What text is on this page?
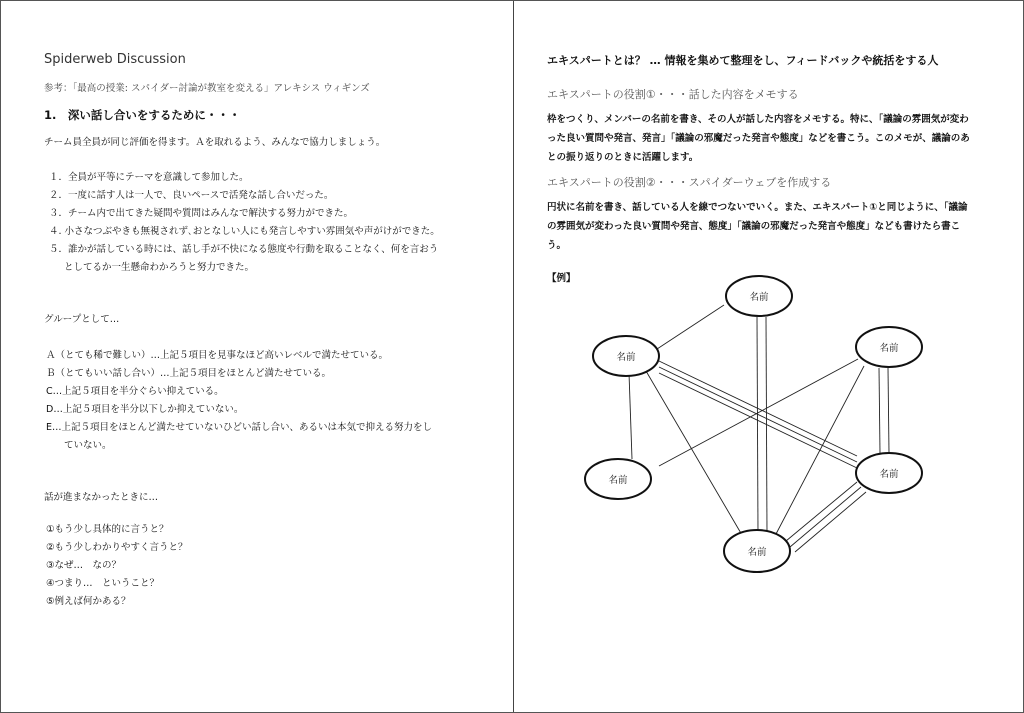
Spiderweb Discussion
参考：「最高の授業: スパイダー討論が教室を変える」アレキシス ウィギンズ
1.　深い話し合いをするために・・・
チーム員全員が同じ評価を得ます。Ａを取れるよう、みんなで協力しましょう。
１．全員が平等にテーマを意識して参加した。
２．一度に話す人は一人で、良いペースで活発な話し合いだった。
３．チーム内で出てきた疑問や質問はみんなで解決する努力ができた。
４. 小さなつぶやきも無視されず､おとなしい人にも発言しやすい雰囲気や声がけができた。
５．誰かが話している時には、話し手が不快になる態度や行動を取ることなく、何を言おう
としてるか一生懸命わかろうと努力できた。
グループとして…
Ａ（とても稀で難しい）…上記５項目を見事なほど高いレベルで満たせている。
Ｂ（とてもいい話し合い）…上記５項目をほとんど満たせている。
C…上記５項目を半分ぐらい抑えている。
D…上記５項目を半分以下しか抑えていない。
E…上記５項目をほとんど満たせていないひどい話し合い、あるいは本気で抑える努力をし
ていない。
話が進まなかったときに…
①もう少し具体的に言うと？
②もう少しわかりやすく言うと？
③なぜ…　なの？
④つまり…　ということ？
⑤例えば何かある？
エキスパートとは？ … 情報を集めて整理をし、フィードバックや統括をする人
エキスパートの役割①・・・話した内容をメモする
枠をつくり、メンバーの名前を書き、その人が話した内容をメモする。特に、「議論の雰囲気が変わった良い質問や発言、発言」「議論の邪魔だった発言や態度」などを書こう。このメモが、議論のあとの振り返りのときに活躍します。
エキスパートの役割②・・・スパイダーウェブを作成する
円状に名前を書き、話している人を線でつないでいく。また、エキスパート①と同じように、「議論の雰囲気が変わった良い質問や発言、態度」「議論の邪魔だった発言や態度」なども書けたら書こう。
【例】
名前
名前
名前
名前
名前
名前
